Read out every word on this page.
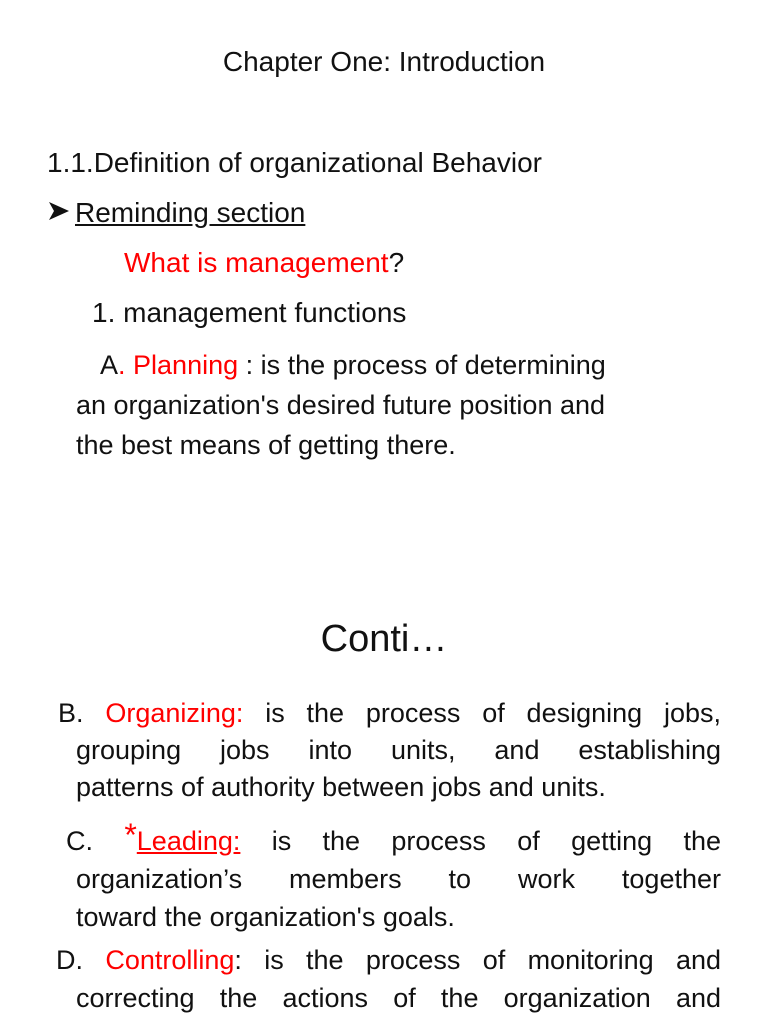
Chapter One: Introduction
1.1.Definition of organizational Behavior
Reminding section
What is management?
1. management functions
A. Planning : is the process of determining
an organization's desired future position and
the best means of getting there.
Conti…
B. Organizing: is the process of designing jobs,
grouping jobs into units, and establishing
patterns of authority between jobs and units.
C. *Leading: is the process of getting the
organization’s members to work together
toward the organization's goals.
D. Controlling: is the process of monitoring and
correcting the actions of the organization and
